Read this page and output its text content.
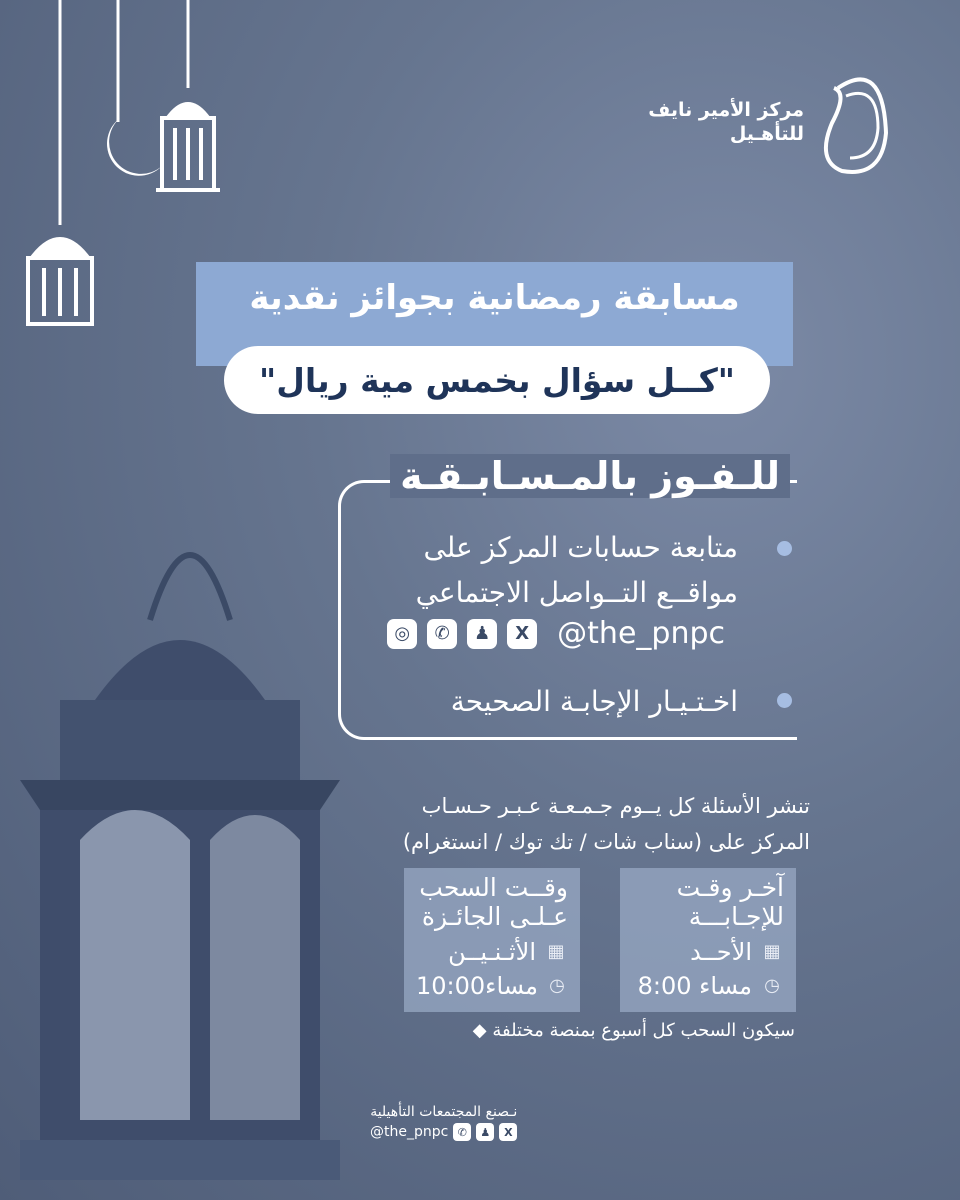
مركز الأمير نايف
للتأهـيل
مسابقة رمضانية بجوائز نقدية
"كــل سؤال بخمس مية ريال"
للـفـوز بالمـسـابـقـة
متابعة حسابات المركز على
مواقــع التــواصل الاجتماعي
◎	✆	♟	X @the_pnpc
اخـتـيـار الإجابـة الصحيحة
تنشر الأسئلة كل يــوم جـمـعـة عـبـر حـسـاب
المركز على (سناب شات / تك توك / انستغرام)
آخـر وقـت
للإجـابـــة
الأحــد ▦
8:00 مساء ◷
وقــت السحب
عـلـى الجائـزة
الأثـنـيــن ▦
10:00مساء ◷
سيكون السحب كل أسبوع بمنصة مختلفة ◆
نـصنع المجتمعات التأهيلية
@the_pnpc ✆	♟	X
